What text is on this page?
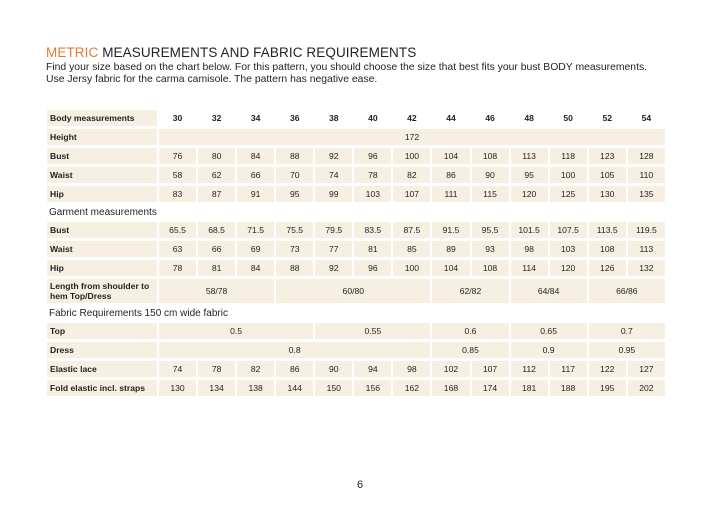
METRIC MEASUREMENTS AND FABRIC REQUIREMENTS
Find your size based on the chart below. For this pattern, you should choose the size that best fits your bust BODY measurements.
Use Jersy fabric for the carma camisole. The pattern has negative ease.
Body measurements	30	32	34	36	38	40	42	44	46	48	50	52	54
Height	172												
Bust	76	80	84	88	92	96	100	104	108	113	118	123	128
Waist	58	62	66	70	74	78	82	86	90	95	100	105	110
Hip	83	87	91	95	99	103	107	111	115	120	125	130	135
Garment measurements													
Bust	65.5	68.5	71.5	75.5	79.5	83.5	87.5	91.5	95.5	101.5	107.5	113.5	119.5
Waist	63	66	69	73	77	81	85	89	93	98	103	108	113
Hip	78	81	84	88	92	96	100	104	108	114	120	126	132
Length from shoulder to hem Top/Dress	58/78			60/80				62/82		64/84		66/86	
Fabric Requirements 150 cm wide fabric													
Top	0.5				0.55			0.6		0.65		0.7	
Dress	0.8							0.85		0.9		0.95	
Elastic lace	74	78	82	86	90	94	98	102	107	112	117	122	127
Fold elastic incl. straps	130	134	138	144	150	156	162	168	174	181	188	195	202
6
